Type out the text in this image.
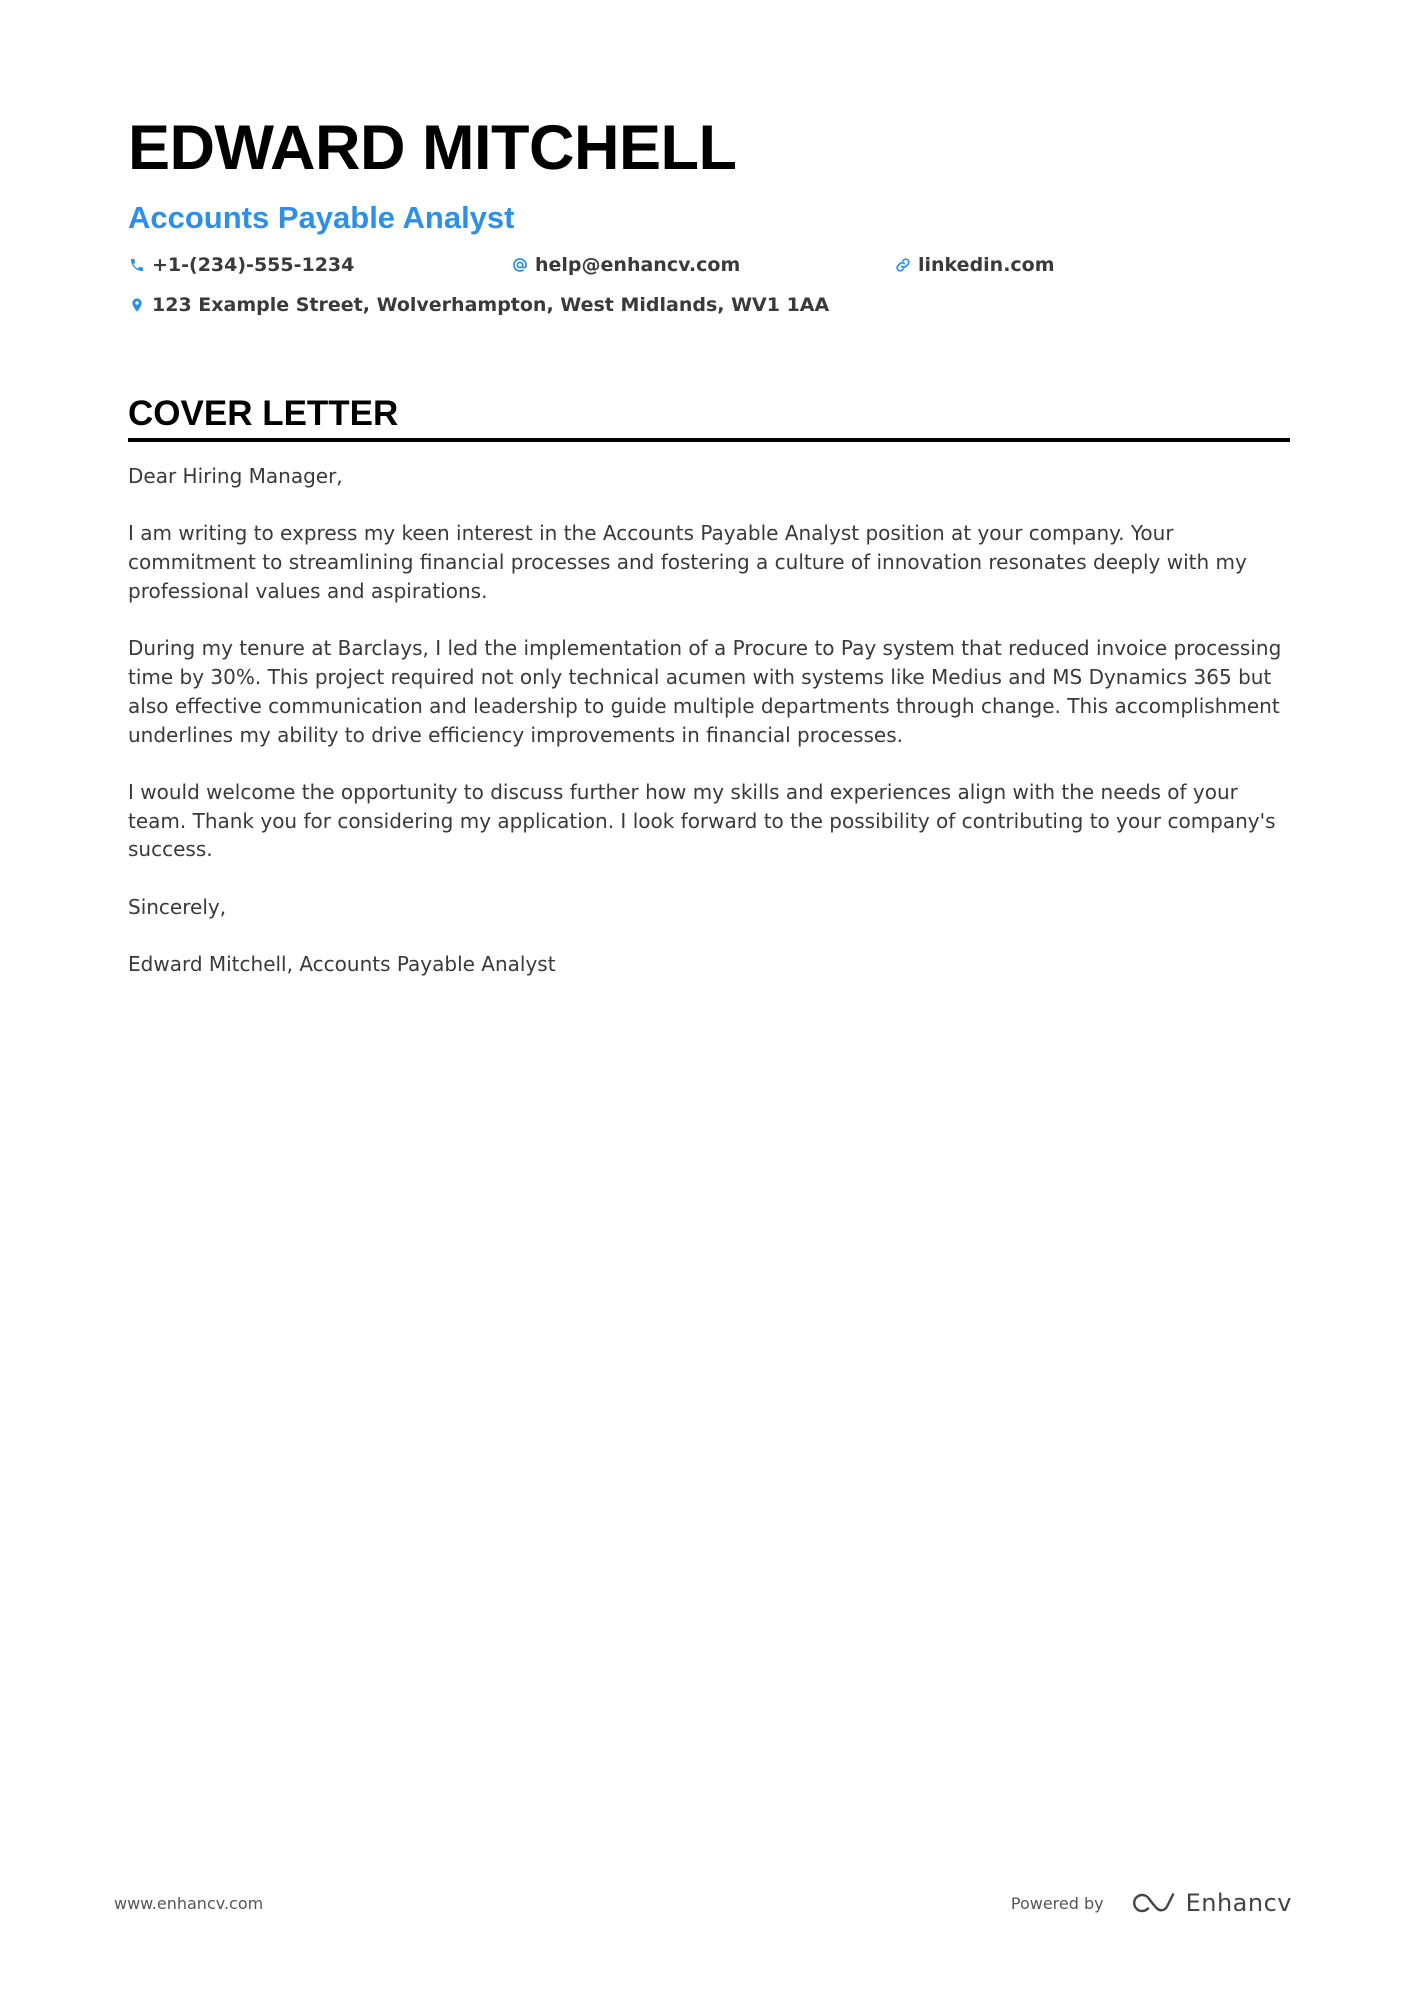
EDWARD MITCHELL
Accounts Payable Analyst
+1-(234)-555-1234	help@enhancv.com	linkedin.com
123 Example Street, Wolverhampton, West Midlands, WV1 1AA
COVER LETTER

Dear Hiring Manager,

I am writing to express my keen interest in the Accounts Payable Analyst position at your company. Your commitment to streamlining financial processes and fostering a culture of innovation resonates deeply with my professional values and aspirations.

During my tenure at Barclays, I led the implementation of a Procure to Pay system that reduced invoice processing time by 30%. This project required not only technical acumen with systems like Medius and MS Dynamics 365 but also effective communication and leadership to guide multiple departments through change. This accomplishment underlines my ability to drive efficiency improvements in financial processes.

I would welcome the opportunity to discuss further how my skills and experiences align with the needs of your team. Thank you for considering my application. I look forward to the possibility of contributing to your company's success.

Sincerely,

Edward Mitchell, Accounts Payable Analyst

www.enhancv.com	Powered by	Enhancv
